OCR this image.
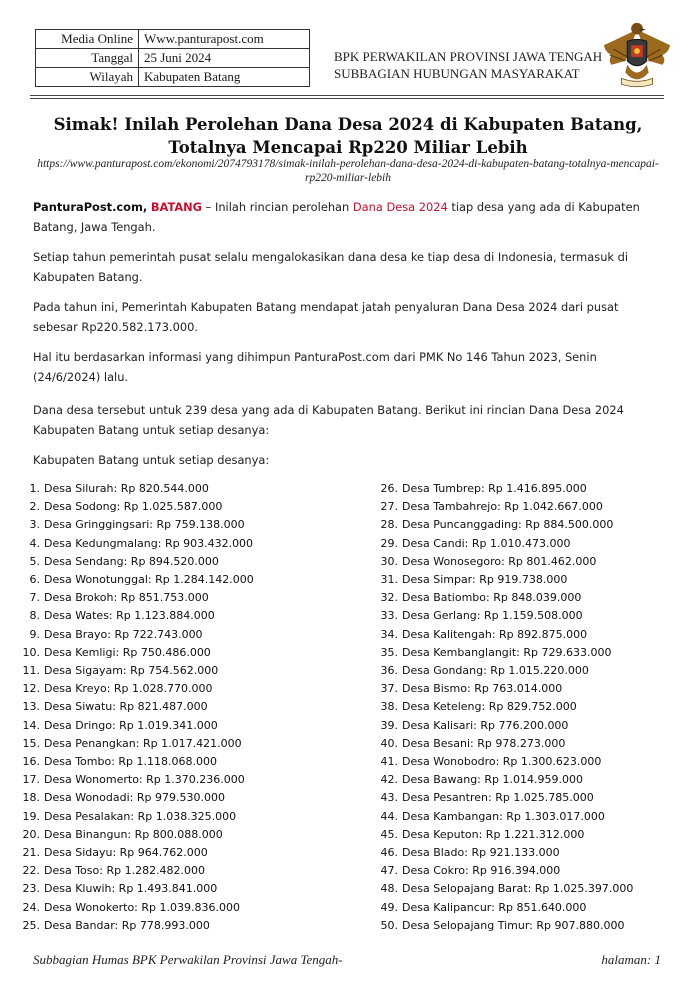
Media Online	Www.panturapost.com
Tanggal	25 Juni 2024
Wilayah	Kabupaten Batang
BPK PERWAKILAN PROVINSI JAWA TENGAH
SUBBAGIAN HUBUNGAN MASYARAKAT
Simak! Inilah Perolehan Dana Desa 2024 di Kabupaten Batang, Totalnya Mencapai Rp220 Miliar Lebih

https://www.panturapost.com/ekonomi/2074793178/simak-inilah-perolehan-dana-desa-2024-di-kabupaten-batang-totalnya-mencapai-rp220-miliar-lebih

PanturaPost.com, BATANG – Inilah rincian perolehan Dana Desa 2024 tiap desa yang ada di Kabupaten Batang, Jawa Tengah.

Setiap tahun pemerintah pusat selalu mengalokasikan dana desa ke tiap desa di Indonesia, termasuk di Kabupaten Batang.

Pada tahun ini, Pemerintah Kabupaten Batang mendapat jatah penyaluran Dana Desa 2024 dari pusat sebesar Rp220.582.173.000.

Hal itu berdasarkan informasi yang dihimpun PanturaPost.com dari PMK No 146 Tahun 2023, Senin (24/6/2024) lalu.

Dana desa tersebut untuk 239 desa yang ada di Kabupaten Batang. Berikut ini rincian Dana Desa 2024 Kabupaten Batang untuk setiap desanya:

Kabupaten Batang untuk setiap desanya:

1. Desa Silurah: Rp 820.544.000
2. Desa Sodong: Rp 1.025.587.000
3. Desa Gringgingsari: Rp 759.138.000
4. Desa Kedungmalang: Rp 903.432.000
5. Desa Sendang: Rp 894.520.000
6. Desa Wonotunggal: Rp 1.284.142.000
7. Desa Brokoh: Rp 851.753.000
8. Desa Wates: Rp 1.123.884.000
9. Desa Brayo: Rp 722.743.000
10. Desa Kemligi: Rp 750.486.000
11. Desa Sigayam: Rp 754.562.000
12. Desa Kreyo: Rp 1.028.770.000
13. Desa Siwatu: Rp 821.487.000
14. Desa Dringo: Rp 1.019.341.000
15. Desa Penangkan: Rp 1.017.421.000
16. Desa Tombo: Rp 1.118.068.000
17. Desa Wonomerto: Rp 1.370.236.000
18. Desa Wonodadi: Rp 979.530.000
19. Desa Pesalakan: Rp 1.038.325.000
20. Desa Binangun: Rp 800.088.000
21. Desa Sidayu: Rp 964.762.000
22. Desa Toso: Rp 1.282.482.000
23. Desa Kluwih: Rp 1.493.841.000
24. Desa Wonokerto: Rp 1.039.836.000
25. Desa Bandar: Rp 778.993.000
26. Desa Tumbrep: Rp 1.416.895.000
27. Desa Tambahrejo: Rp 1.042.667.000
28. Desa Puncanggading: Rp 884.500.000
29. Desa Candi: Rp 1.010.473.000
30. Desa Wonosegoro: Rp 801.462.000
31. Desa Simpar: Rp 919.738.000
32. Desa Batiombo: Rp 848.039.000
33. Desa Gerlang: Rp 1.159.508.000
34. Desa Kalitengah: Rp 892.875.000
35. Desa Kembanglangit: Rp 729.633.000
36. Desa Gondang: Rp 1.015.220.000
37. Desa Bismo: Rp 763.014.000
38. Desa Keteleng: Rp 829.752.000
39. Desa Kalisari: Rp 776.200.000
40. Desa Besani: Rp 978.273.000
41. Desa Wonobodro: Rp 1.300.623.000
42. Desa Bawang: Rp 1.014.959.000
43. Desa Pesantren: Rp 1.025.785.000
44. Desa Kambangan: Rp 1.303.017.000
45. Desa Keputon: Rp 1.221.312.000
46. Desa Blado: Rp 921.133.000
47. Desa Cokro: Rp 916.394.000
48. Desa Selopajang Barat: Rp 1.025.397.000
49. Desa Kalipancur: Rp 851.640.000
50. Desa Selopajang Timur: Rp 907.880.000
Subbagian Humas BPK Perwakilan Provinsi Jawa Tengah-	halaman: 1
